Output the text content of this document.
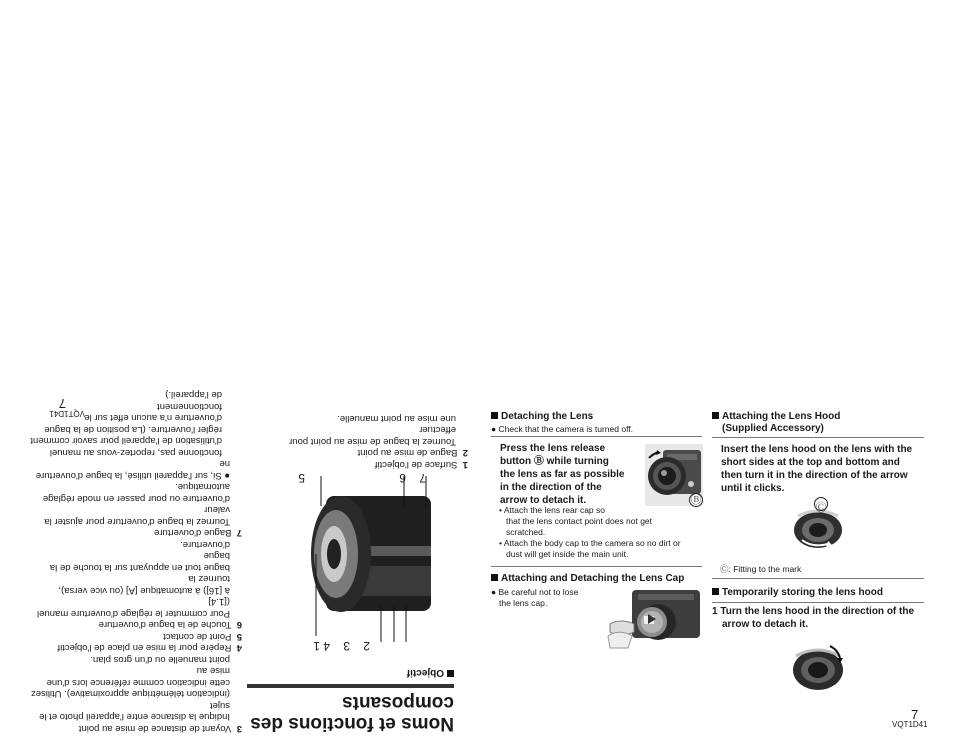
Detaching the Lens
● Check that the camera is turned off.
Press the lens release
button Ⓑ while turning
the lens as far as possible
in the direction of the
arrow to detach it.	Ⓑ
• Attach the lens rear cap so
that the lens contact point does not get
scratched.
• Attach the body cap to the camera so no dirt or
dust will get inside the main unit.
Attaching and Detaching the Lens Cap
● Be careful not to lose
the lens cap.
Attaching the Lens Hood
(Supplied Accessory)
Insert the lens hood on the lens with the
short sides at the top and bottom and
then turn it in the direction of the arrow
until it clicks.
Ⓒ
Ⓒ: Fitting to the mark
Temporarily storing the lens hood
1 Turn the lens hood in the direction of the
arrow to detach it.
7
VQT1D41
7
VQT1D41
Noms et fonctions des
composants
Objectif
1	2
3
4
5	6 7
1  Surface de l'objectif
2  Bague de mise au point
Tournez la bague de mise au point pour effectuer
une mise au point manuelle.
3  Voyant de distance de mise au point
Indique la distance entre l'appareil photo et le sujet
(indication télémétrique approximative). Utilisez
cette indication comme référence lors d'une mise au
point manuelle ou d'un gros plan.
4  Repère pour la mise en place de l'objectif
5  Point de contact
6  Touche de la bague d'ouverture
Pour commuter le réglage d'ouverture manuel ([1.4]
à [16]) à automatique [A] (ou vice versa), tournez la
bague tout en appuyant sur la touche de la bague
d'ouverture.
7  Bague d'ouverture
Tournez la bague d'ouverture pour ajuster la valeur
d'ouverture ou pour passer en mode réglage
automatique.
● Si, sur l'appareil utilisé, la bague d'ouverture ne
fonctionne pas, reportez-vous au manuel
d'utilisation de l'appareil pour savoir comment
régler l'ouverture. (La position de la bague
d'ouverture n'a aucun effet sur le fonctionnement
de l'appareil.)
